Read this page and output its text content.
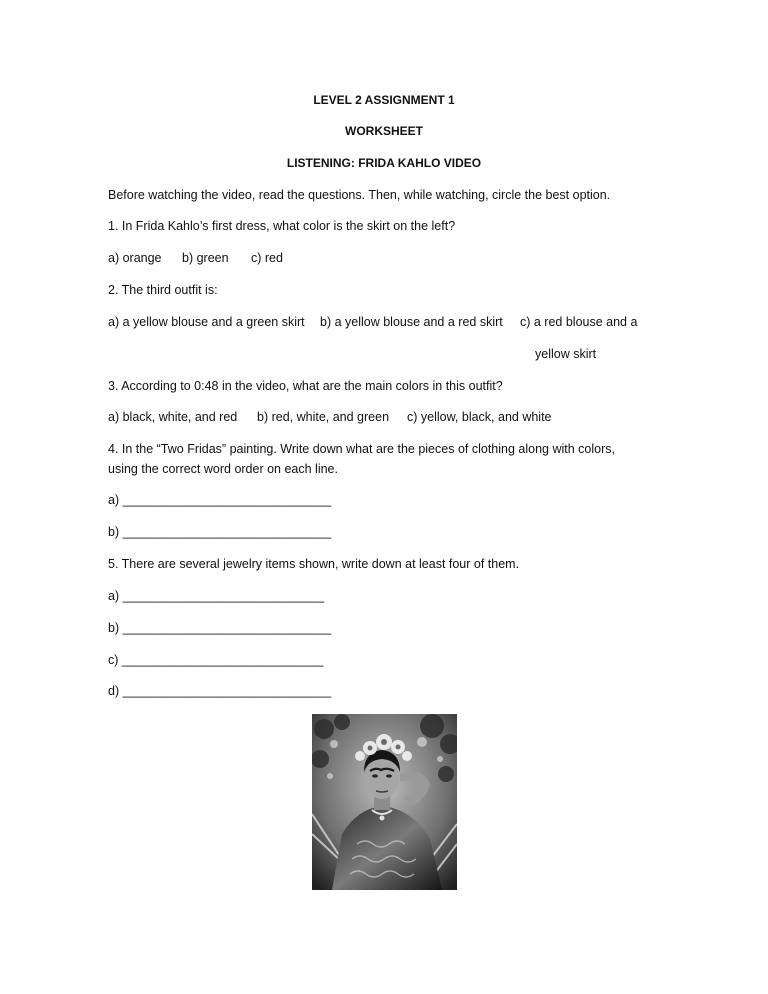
LEVEL 2 ASSIGNMENT 1
WORKSHEET
LISTENING: FRIDA KAHLO VIDEO
Before watching the video, read the questions. Then, while watching, circle the best option.
1. In Frida Kahlo’s first dress, what color is the skirt on the left?
a) orange b) green c) red
2. The third outfit is:
a) a yellow blouse and a green skirt b) a yellow blouse and a red skirt c) a red blouse and a
yellow skirt
3. According to 0:48 in the video, what are the main colors in this outfit?
a) black, white, and red b) red, white, and green c) yellow, black, and white
4. In the “Two Fridas” painting. Write down what are the pieces of clothing along with colors,
using the correct word order on each line.
a) ______________________________
b) ______________________________
5. There are several jewelry items shown, write down at least four of them.
a) _____________________________
b) ______________________________
c) _____________________________
d) ______________________________
